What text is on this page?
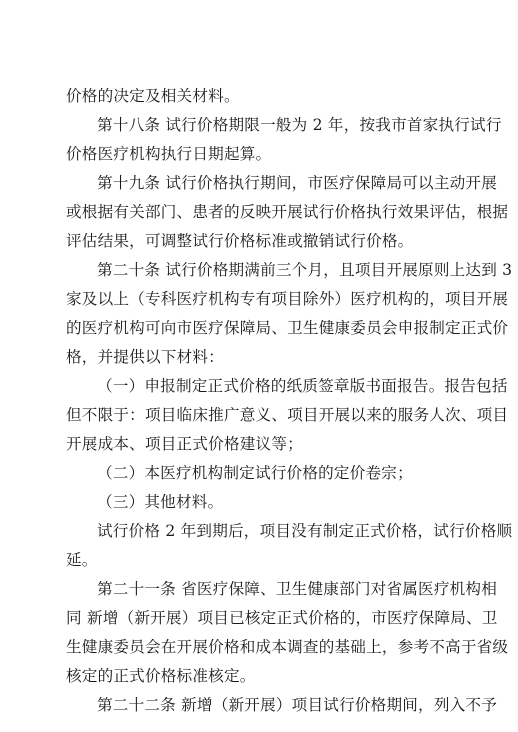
价格的决定及相关材料。
第十八条 试行价格期限一般为 2 年，按我市首家执行试行
价格医疗机构执行日期起算。
第十九条 试行价格执行期间，市医疗保障局可以主动开展
或根据有关部门、患者的反映开展试行价格执行效果评估，根据
评估结果，可调整试行价格标准或撤销试行价格。
第二十条 试行价格期满前三个月，且项目开展原则上达到 3
家及以上（专科医疗机构专有项目除外）医疗机构的，项目开展
的医疗机构可向市医疗保障局、卫生健康委员会申报制定正式价
格，并提供以下材料：
（一）申报制定正式价格的纸质签章版书面报告。报告包括
但不限于：项目临床推广意义、项目开展以来的服务人次、项目
开展成本、项目正式价格建议等；
（二）本医疗机构制定试行价格的定价卷宗；
（三）其他材料。
试行价格 2 年到期后，项目没有制定正式价格，试行价格顺
延。
第二十一条 省医疗保障、卫生健康部门对省属医疗机构相
同 新增（新开展）项目已核定正式价格的，市医疗保障局、卫
生健康委员会在开展价格和成本调查的基础上，参考不高于省级
核定的正式价格标准核定。
第二十二条 新增（新开展）项目试行价格期间，列入不予
